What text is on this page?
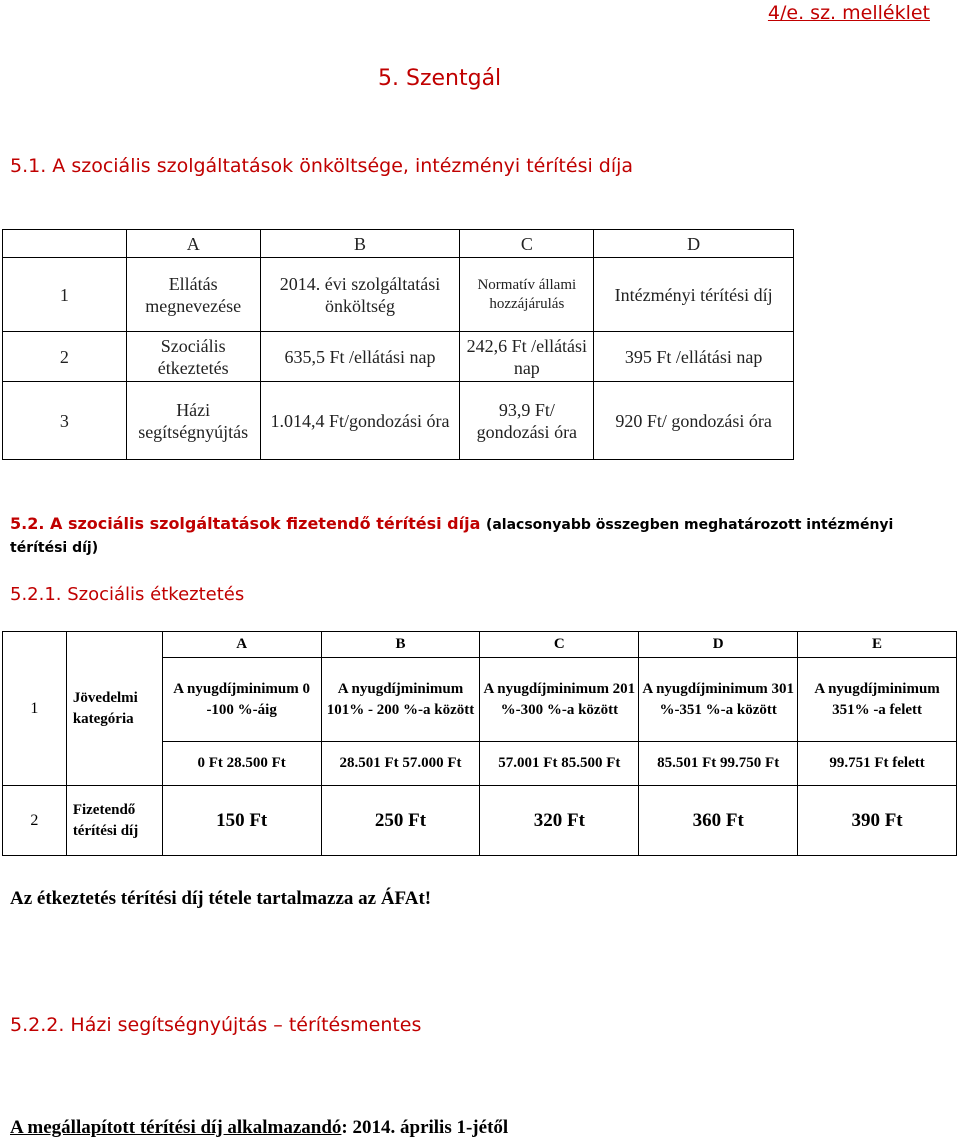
4/e. sz. melléklet
5. Szentgál
5.1. A szociális szolgáltatások önköltsége, intézményi térítési díja
	A	B	C	D
1	Ellátás megnevezése	2014. évi szolgáltatási önköltség	Normatív állami hozzájárulás	Intézményi térítési díj
2	Szociális étkeztetés	635,5 Ft /ellátási nap	242,6 Ft /ellátási nap	395 Ft /ellátási nap
3	Házi segítségnyújtás	1.014,4 Ft/gondozási óra	93,9 Ft/ gondozási óra	920 Ft/ gondozási óra
5.2. A szociális szolgáltatások fizetendő térítési díja (alacsonyabb összegben meghatározott intézményi térítési díj)
5.2.1. Szociális étkeztetés
1	Jövedelmi kategória	A	B	C	D	E
		A nyugdíjminimum 0 -100 %-áig	A nyugdíjminimum 101% - 200 %-a között	A nyugdíjminimum 201 %-300 %-a között	A nyugdíjminimum 301 %-351 %-a között	A nyugdíjminimum 351% -a felett
		0 Ft 28.500 Ft	28.501 Ft 57.000 Ft	57.001 Ft 85.500 Ft	85.501 Ft 99.750 Ft	99.751 Ft felett
2	Fizetendő térítési díj	150 Ft	250 Ft	320 Ft	360 Ft	390 Ft
Az étkeztetés térítési díj tétele tartalmazza az ÁFAt!
5.2.2. Házi segítségnyújtás – térítésmentes
A megállapított térítési díj alkalmazandó: 2014. április 1-jétől
